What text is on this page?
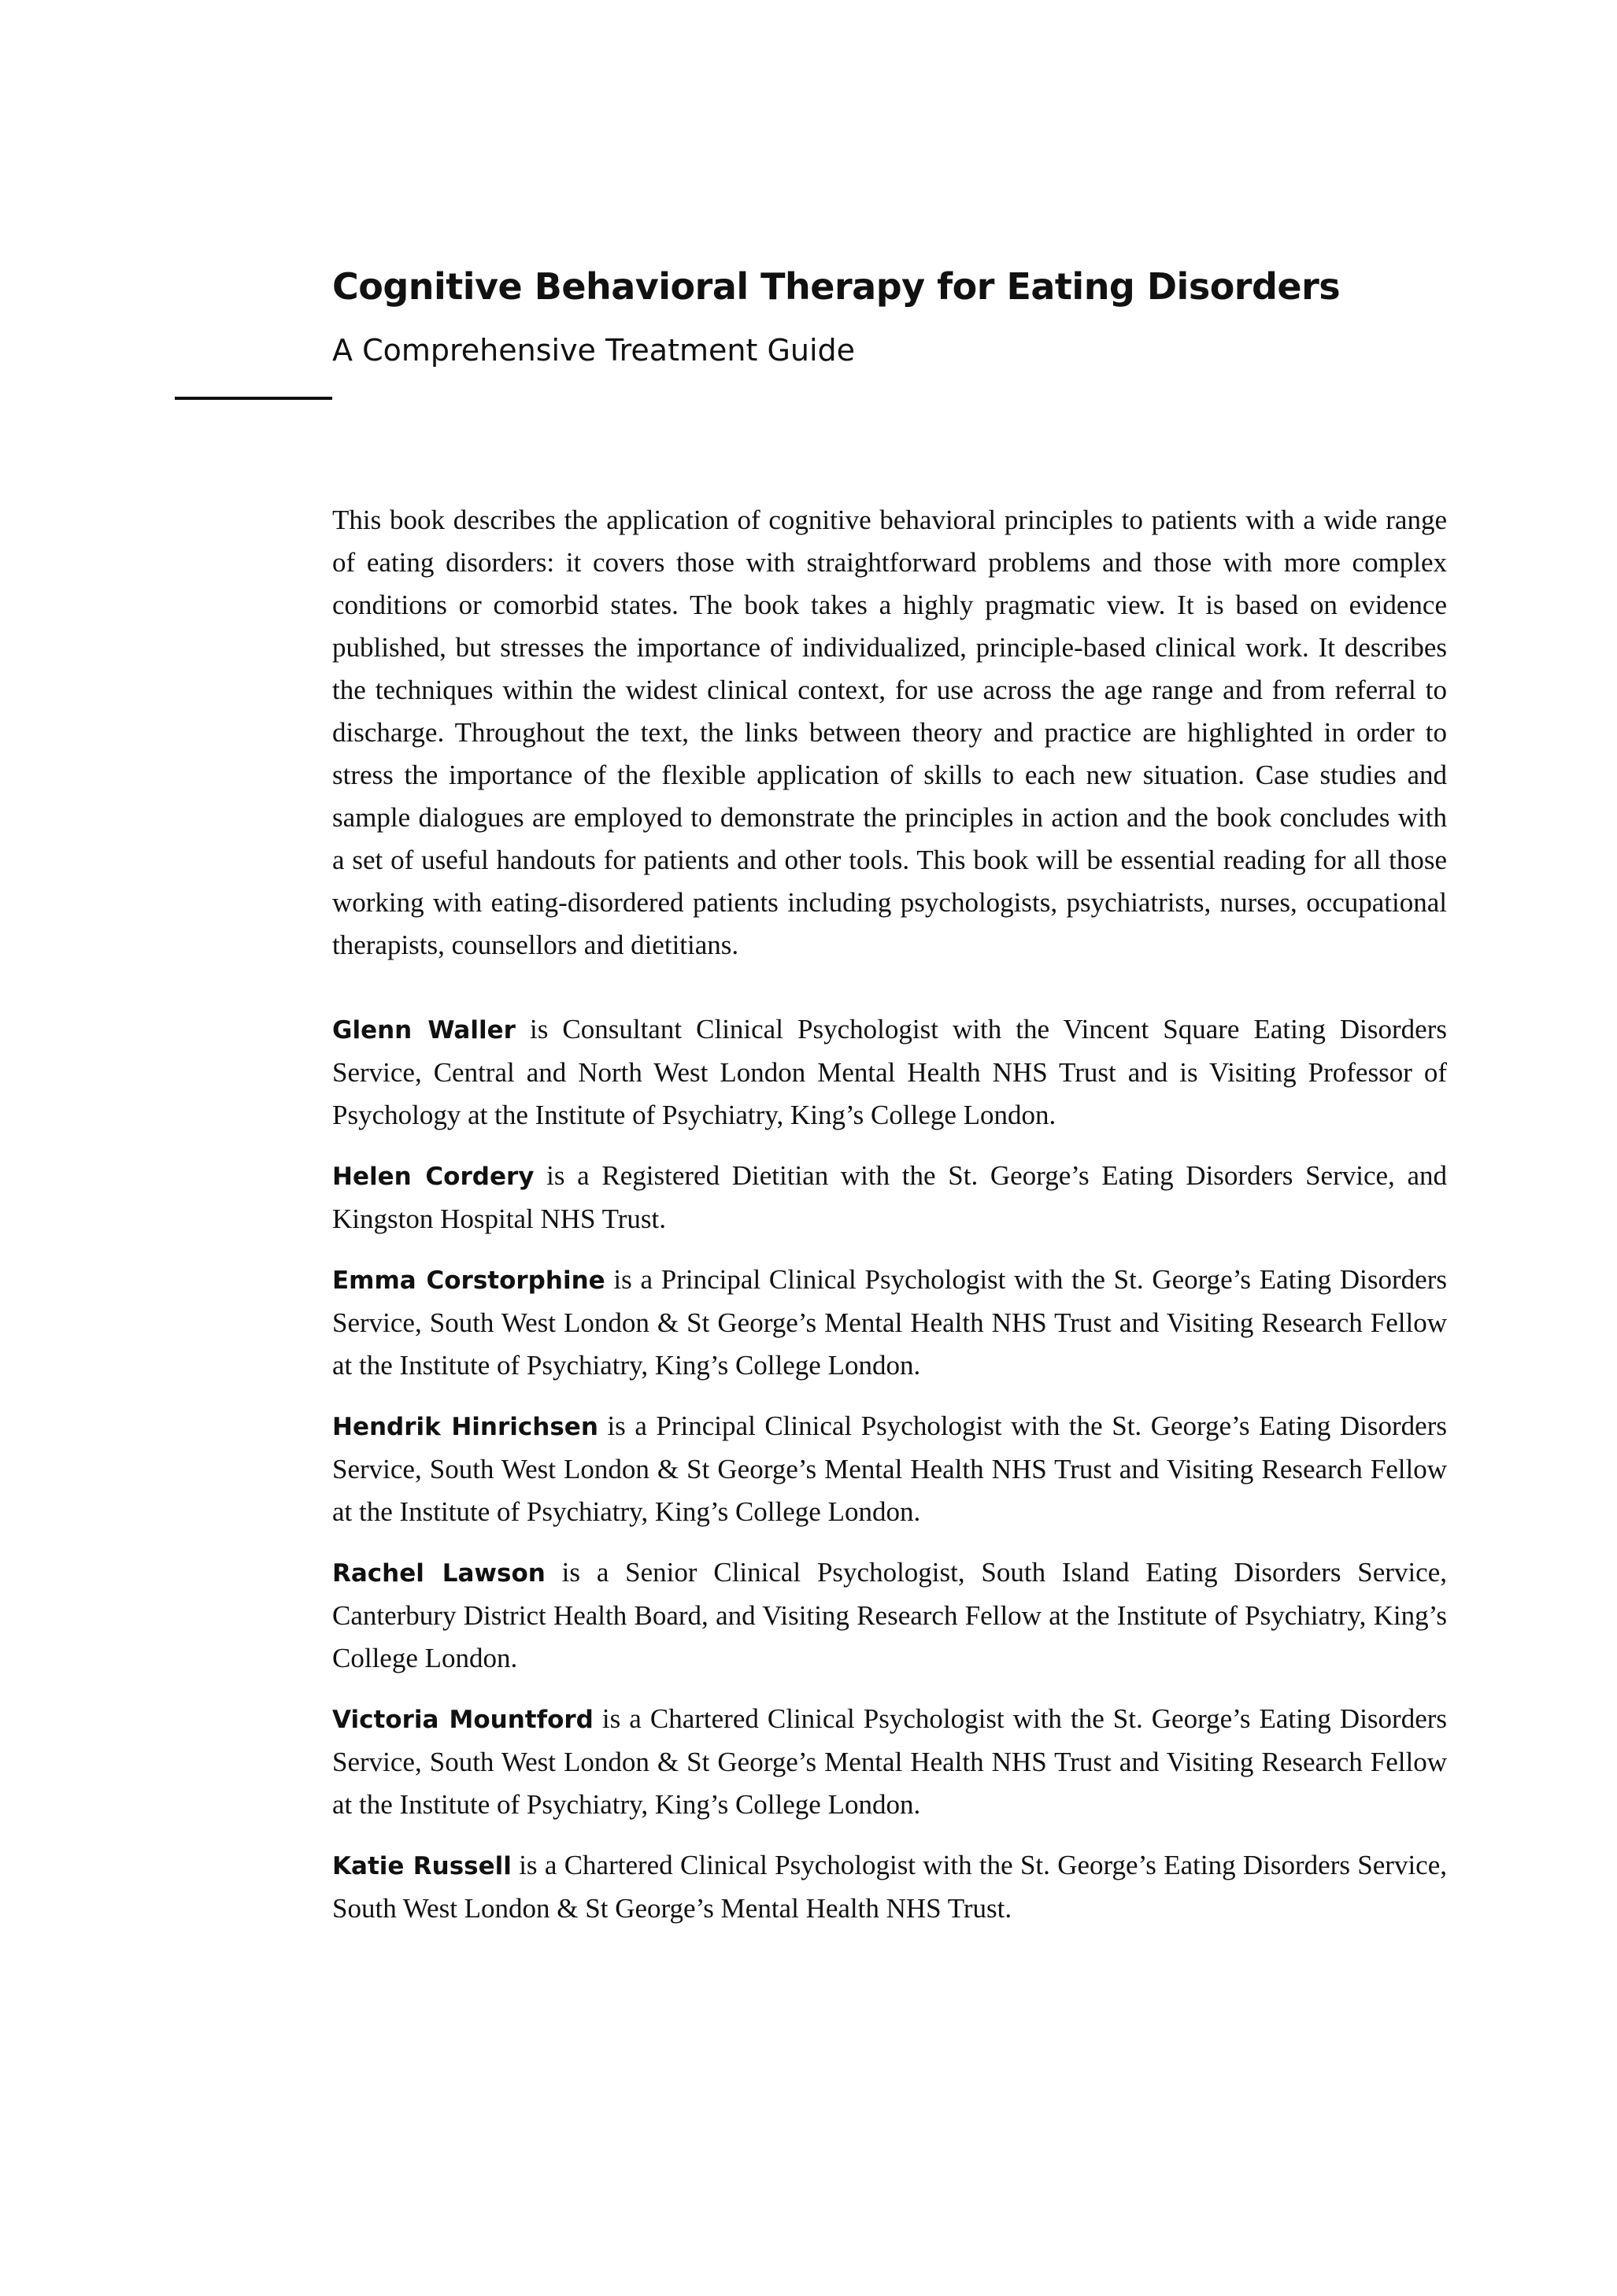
Cognitive Behavioral Therapy for Eating Disorders
A Comprehensive Treatment Guide

This book describes the application of cognitive behavioral principles to patients with a wide range of eating disorders: it covers those with straightforward problems and those with more complex conditions or comorbid states. The book takes a highly pragmatic view. It is based on evidence published, but stresses the importance of individualized, principle-based clinical work. It describes the techniques within the widest clinical context, for use across the age range and from referral to discharge. Throughout the text, the links between theory and practice are highlighted in order to stress the importance of the flexible application of skills to each new situation. Case studies and sample dialogues are employed to demonstrate the principles in action and the book concludes with a set of useful handouts for patients and other tools. This book will be essential reading for all those working with eating-disordered patients including psychologists, psychiatrists, nurses, occupational therapists, counsellors and dietitians.

Glenn Waller is Consultant Clinical Psychologist with the Vincent Square Eating Disorders Service, Central and North West London Mental Health NHS Trust and is Visiting Professor of Psychology at the Institute of Psychiatry, King’s College London.

Helen Cordery is a Registered Dietitian with the St. George’s Eating Disorders Service, and Kingston Hospital NHS Trust.

Emma Corstorphine is a Principal Clinical Psychologist with the St. George’s Eating Disorders Service, South West London & St George’s Mental Health NHS Trust and Visiting Research Fellow at the Institute of Psychiatry, King’s College London.

Hendrik Hinrichsen is a Principal Clinical Psychologist with the St. George’s Eating Disorders Service, South West London & St George’s Mental Health NHS Trust and Visiting Research Fellow at the Institute of Psychiatry, King’s College London.

Rachel Lawson is a Senior Clinical Psychologist, South Island Eating Disorders Service, Canterbury District Health Board, and Visiting Research Fellow at the Institute of Psychiatry, King’s College London.

Victoria Mountford is a Chartered Clinical Psychologist with the St. George’s Eating Disorders Service, South West London & St George’s Mental Health NHS Trust and Visiting Research Fellow at the Institute of Psychiatry, King’s College London.

Katie Russell is a Chartered Clinical Psychologist with the St. George’s Eating Disorders Service, South West London & St George’s Mental Health NHS Trust.
